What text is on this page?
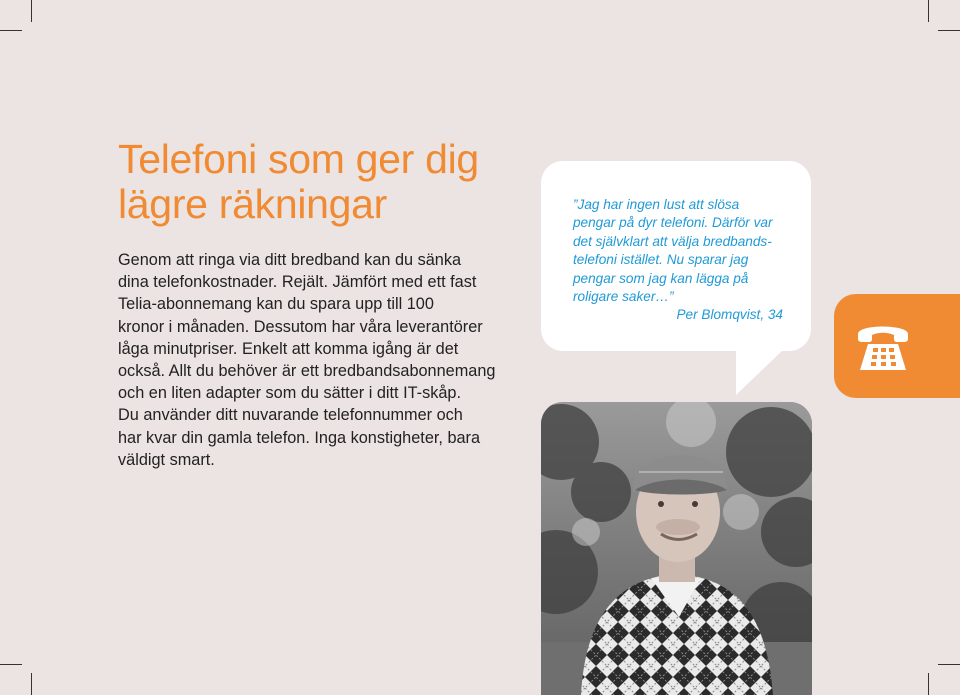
Telefoni som ger dig
lägre räkningar

Genom att ringa via ditt bredband kan du sänka
dina telefonkostnader. Rejält. Jämfört med ett fast
Telia-abonnemang kan du spara upp till 100
kronor i månaden. Dessutom har våra leverantörer
låga minutpriser. Enkelt att komma igång är det
också. Allt du behöver är ett bredbandsabonnemang
och en liten adapter som du sätter i ditt IT-skåp.
Du använder ditt nuvarande telefonnummer och
har kvar din gamla telefon. Inga konstigheter, bara
väldigt smart.

”Jag har ingen lust att slösa
pengar på dyr telefoni. Därför var
det självklart att välja bredbands-
telefoni istället. Nu sparar jag
pengar som jag kan lägga på
roligare saker…”
Per Blomqvist, 34
